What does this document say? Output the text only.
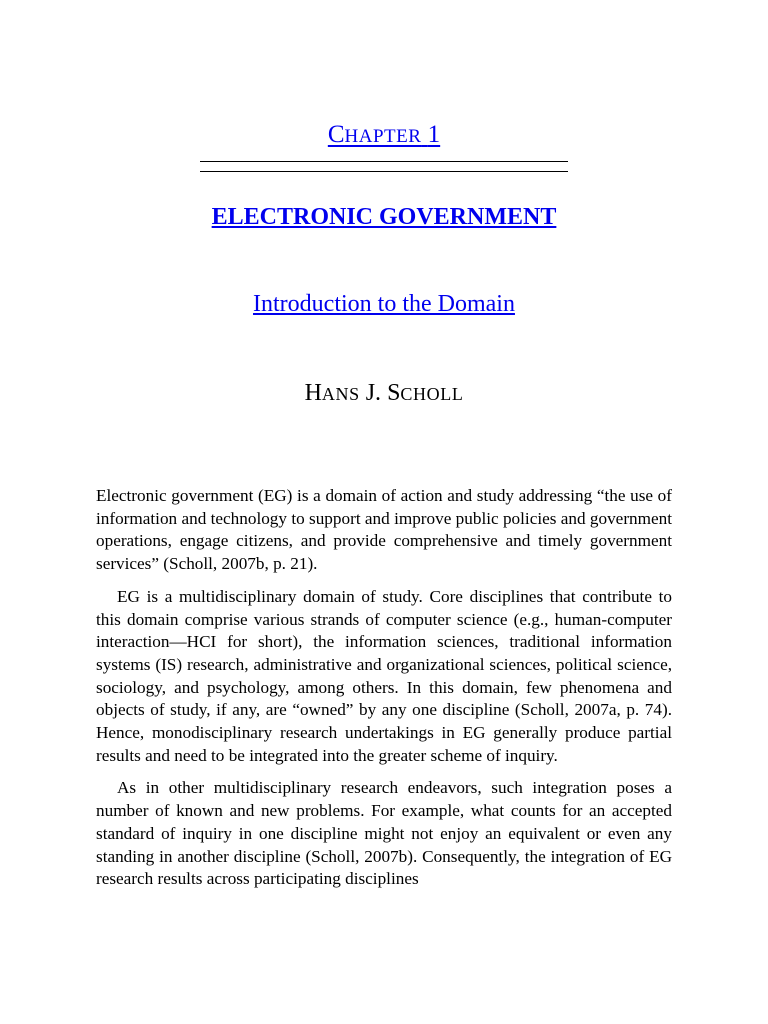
CHAPTER 1
ELECTRONIC GOVERNMENT
Introduction to the Domain
HANS J. SCHOLL

Electronic government (EG) is a domain of action and study addressing “the use of information and technology to support and improve public policies and government operations, engage citizens, and provide comprehensive and timely government services” (Scholl, 2007b, p. 21).

EG is a multidisciplinary domain of study. Core disciplines that contribute to this domain comprise various strands of computer science (e.g., human-computer interaction—HCI for short), the information sciences, traditional information systems (IS) research, administrative and organizational sciences, political science, sociology, and psychology, among others. In this domain, few phenomena and objects of study, if any, are “owned” by any one discipline (Scholl, 2007a, p. 74). Hence, monodisciplinary research undertakings in EG generally produce partial results and need to be integrated into the greater scheme of inquiry.

As in other multidisciplinary research endeavors, such integration poses a number of known and new problems. For example, what counts for an accepted standard of inquiry in one discipline might not enjoy an equivalent or even any standing in another discipline (Scholl, 2007b). Consequently, the integration of EG research results across participating disciplines
